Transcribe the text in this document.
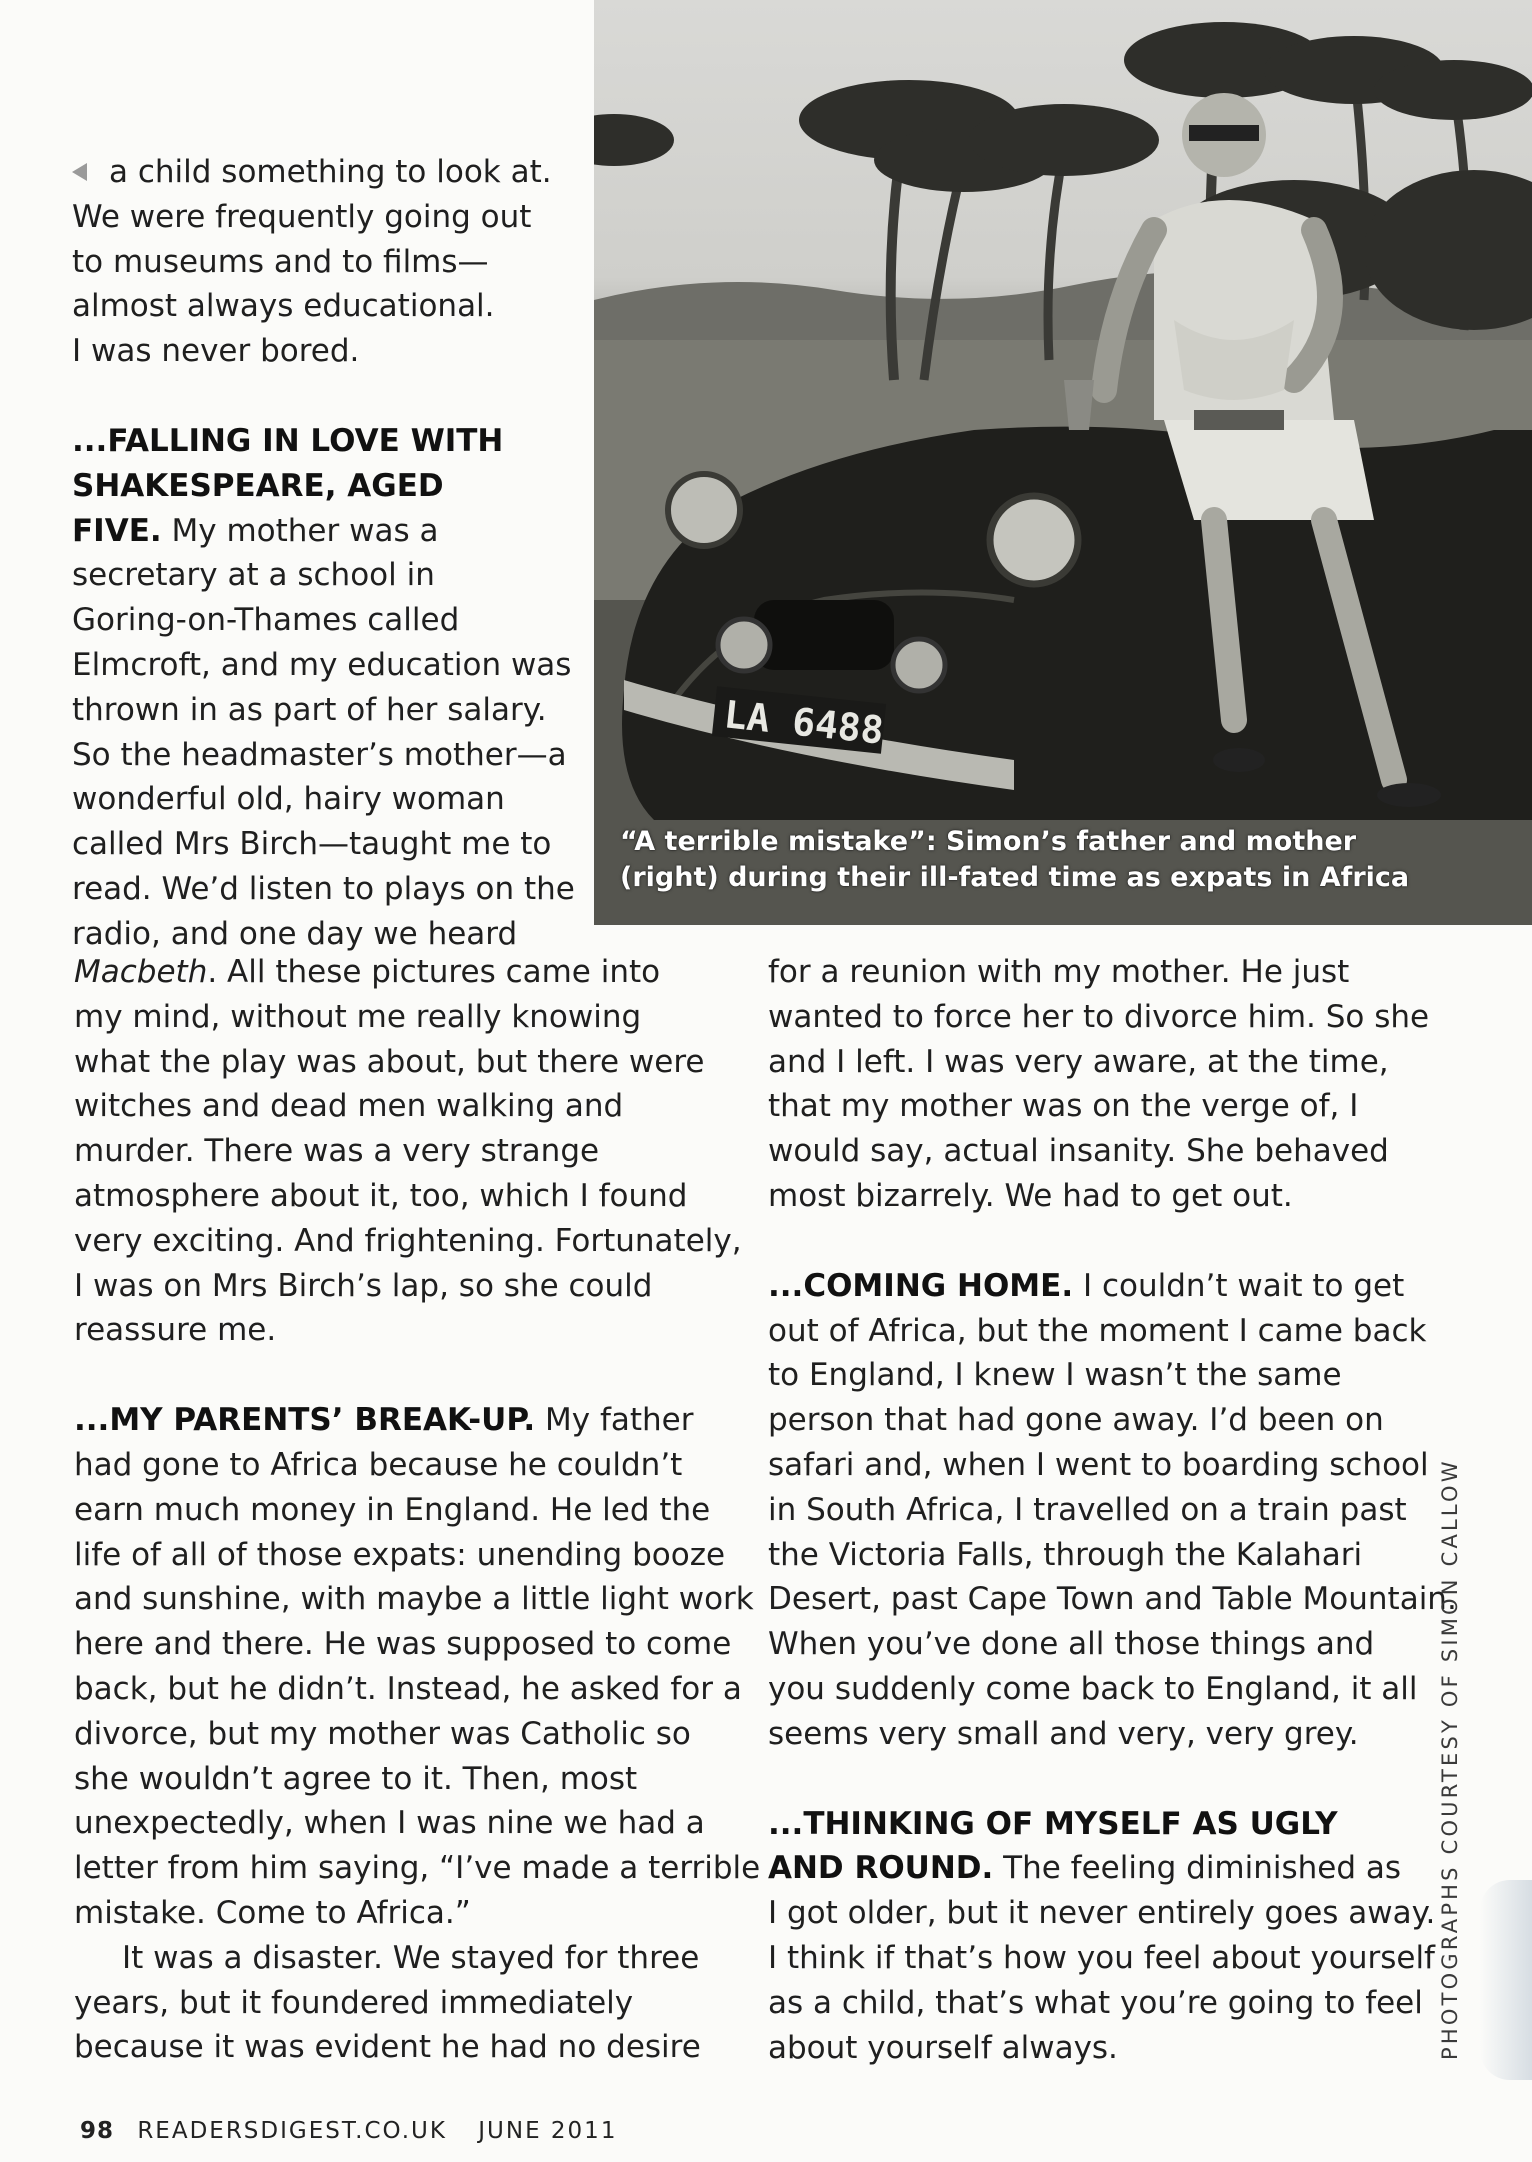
LA 6488
“A terrible mistake”: Simon’s father and mother
(right) during their ill-fated time as expats in Africa
a child something to look at.
We were frequently going out
to museums and to films—
almost always educational.
I was never bored.
...FALLING IN LOVE WITH
SHAKESPEARE, AGED
FIVE. My mother was a
secretary at a school in
Goring-on-Thames called
Elmcroft, and my education was
thrown in as part of her salary.
So the headmaster’s mother—a
wonderful old, hairy woman
called Mrs Birch—taught me to
read. We’d listen to plays on the
radio, and one day we heard
Macbeth. All these pictures came into
my mind, without me really knowing
what the play was about, but there were
witches and dead men walking and
murder. There was a very strange
atmosphere about it, too, which I found
very exciting. And frightening. Fortunately,
I was on Mrs Birch’s lap, so she could
reassure me.
...MY PARENTS’ BREAK-UP. My father
had gone to Africa because he couldn’t
earn much money in England. He led the
life of all of those expats: unending booze
and sunshine, with maybe a little light work
here and there. He was supposed to come
back, but he didn’t. Instead, he asked for a
divorce, but my mother was Catholic so
she wouldn’t agree to it. Then, most
unexpectedly, when I was nine we had a
letter from him saying, “I’ve made a terrible
mistake. Come to Africa.”
It was a disaster. We stayed for three
years, but it foundered immediately
because it was evident he had no desire
for a reunion with my mother. He just
wanted to force her to divorce him. So she
and I left. I was very aware, at the time,
that my mother was on the verge of, I
would say, actual insanity. She behaved
most bizarrely. We had to get out.
...COMING HOME. I couldn’t wait to get
out of Africa, but the moment I came back
to England, I knew I wasn’t the same
person that had gone away. I’d been on
safari and, when I went to boarding school
in South Africa, I travelled on a train past
the Victoria Falls, through the Kalahari
Desert, past Cape Town and Table Mountain.
When you’ve done all those things and
you suddenly come back to England, it all
seems very small and very, very grey.
...THINKING OF MYSELF AS UGLY
AND ROUND. The feeling diminished as
I got older, but it never entirely goes away.
I think if that’s how you feel about yourself
as a child, that’s what you’re going to feel
about yourself always.	PHOTOGRAPHS COURTESY OF SIMON CALLOW
98 READERSDIGEST.CO.UK JUNE 2011
